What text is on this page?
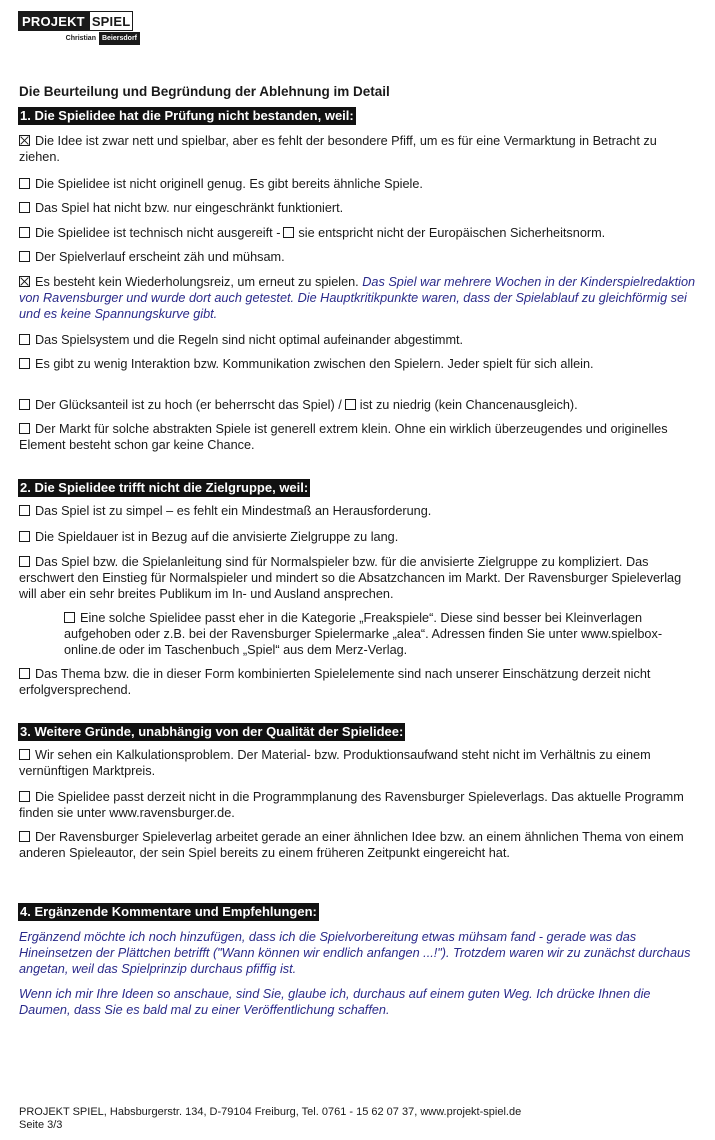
PROJEKT SPIEL
Christian Beiersdorf
Die Beurteilung und Begründung der Ablehnung im Detail
1. Die Spielidee hat die Prüfung nicht bestanden, weil:
Die Idee ist zwar nett und spielbar, aber es fehlt der besondere Pfiff, um es für eine Vermarktung in Betracht zu ziehen.
Die Spielidee ist nicht originell genug. Es gibt bereits ähnliche Spiele.
Das Spiel hat nicht bzw. nur eingeschränkt funktioniert.
Die Spielidee ist technisch nicht ausgereift - sie entspricht nicht der Europäischen Sicherheitsnorm.
Der Spielverlauf erscheint zäh und mühsam.
Es besteht kein Wiederholungsreiz, um erneut zu spielen. Das Spiel war mehrere Wochen in der Kinderspielredaktion von Ravensburger und wurde dort auch getestet. Die Hauptkritikpunkte waren, dass der Spielablauf zu gleichförmig sei und es keine Spannungskurve gibt.
Das Spielsystem und die Regeln sind nicht optimal aufeinander abgestimmt.
Es gibt zu wenig Interaktion bzw. Kommunikation zwischen den Spielern. Jeder spielt für sich allein.
Der Glücksanteil ist zu hoch (er beherrscht das Spiel) / ist zu niedrig (kein Chancenausgleich).
Der Markt für solche abstrakten Spiele ist generell extrem klein. Ohne ein wirklich überzeugendes und originelles Element besteht schon gar keine Chance.
2. Die Spielidee trifft nicht die Zielgruppe, weil:
Das Spiel ist zu simpel – es fehlt ein Mindestmaß an Herausforderung.
Die Spieldauer ist in Bezug auf die anvisierte Zielgruppe zu lang.
Das Spiel bzw. die Spielanleitung sind für Normalspieler bzw. für die anvisierte Zielgruppe zu kompliziert. Das erschwert den Einstieg für Normalspieler und mindert so die Absatzchancen im Markt. Der Ravensburger Spieleverlag will aber ein sehr breites Publikum im In- und Ausland ansprechen.
Eine solche Spielidee passt eher in die Kategorie „Freakspiele“. Diese sind besser bei Kleinverlagen aufgehoben oder z.B. bei der Ravensburger Spielermarke „alea“. Adressen finden Sie unter www.spielbox-online.de oder im Taschenbuch „Spiel“ aus dem Merz-Verlag.
Das Thema bzw. die in dieser Form kombinierten Spielelemente sind nach unserer Einschätzung derzeit nicht erfolgversprechend.
3. Weitere Gründe, unabhängig von der Qualität der Spielidee:
Wir sehen ein Kalkulationsproblem. Der Material- bzw. Produktionsaufwand steht nicht im Verhältnis zu einem vernünftigen Marktpreis.
Die Spielidee passt derzeit nicht in die Programmplanung des Ravensburger Spieleverlags. Das aktuelle Programm finden sie unter www.ravensburger.de.
Der Ravensburger Spieleverlag arbeitet gerade an einer ähnlichen Idee bzw. an einem ähnlichen Thema von einem anderen Spieleautor, der sein Spiel bereits zu einem früheren Zeitpunkt eingereicht hat.
4. Ergänzende Kommentare und Empfehlungen:
Ergänzend möchte ich noch hinzufügen, dass ich die Spielvorbereitung etwas mühsam fand - gerade was das Hineinsetzen der Plättchen betrifft ("Wann können wir endlich anfangen ...!"). Trotzdem waren wir zu zunächst durchaus angetan, weil das Spielprinzip durchaus pfiffig ist.
Wenn ich mir Ihre Ideen so anschaue, sind Sie, glaube ich, durchaus auf einem guten Weg. Ich drücke Ihnen die Daumen, dass Sie es bald mal zu einer Veröffentlichung schaffen.
PROJEKT SPIEL, Habsburgerstr. 134, D-79104 Freiburg, Tel. 0761 - 15 62 07 37, www.projekt-spiel.de
Seite 3/3
